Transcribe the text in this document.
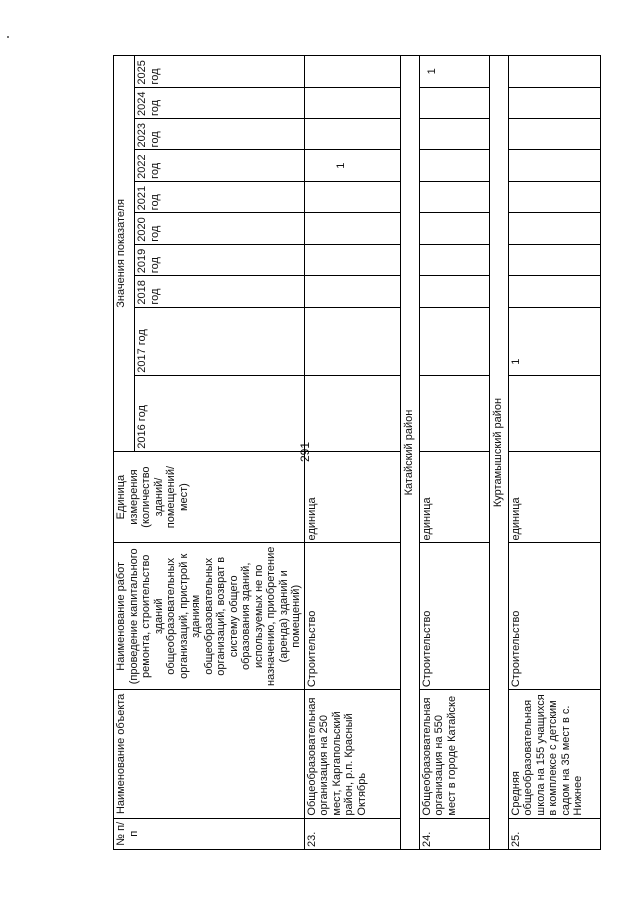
291
№ п/п	Наименование объекта	Наименование работ (проведение капитального ремонта, строительство зданий общеобразовательных организаций, пристрой к зданиям общеобразовательных организаций, возврат в систему общего образования зданий, используемых не по назначению, приобретение (аренда) зданий и помещений)	Единица измерения (количество зданий/ помещений/ мест)	Значения показателя									
				2016 год	2017 год	2018 год	2019 год	2020 год	2021 год	2022 год	2023 год	2024 год	2025 год
23.	Общеобразовательная организация на 250 мест, Каргапольский район, р.п. Красный Октябрь	Строительство	единица							1			
Катайский район													
24.	Общеобразовательная организация на 550 мест в городе Катайске	Строительство	единица										1
Куртамышский район													
25.	Средняя общеобразовательная школа на 155 учащихся в комплексе с детским садом на 35 мест в с. Нижнее	Строительство	единица		1								
